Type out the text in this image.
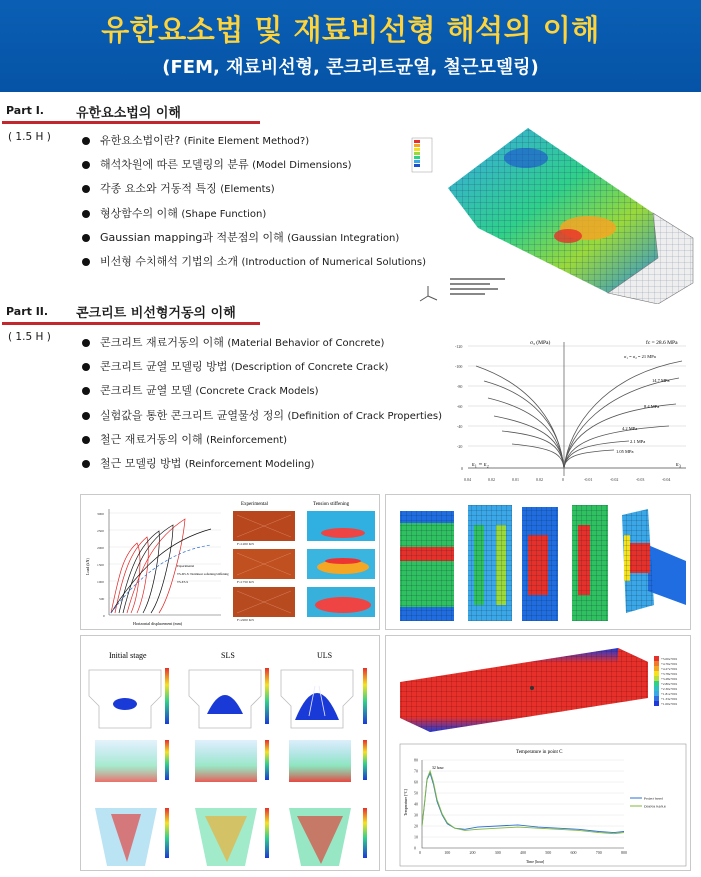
유한요소법 및 재료비선형 해석의 이해
(FEM, 재료비선형, 콘크리트균열, 철근모델링)
Part I. 유한요소법의 이해
( 1.5 H )	유한요소법이란? (Finite Element Method?)
해석차원에 따른 모델링의 분류 (Model Dimensions)
각종 요소와 거동적 특징 (Elements)
형상함수의 이해 (Shape Function)
Gaussian mapping과 적분점의 이해 (Gaussian Integration)
비선형 수치해석 기법의 소개 (Introduction of Numerical Solutions)
Part II. 콘크리트 비선형거동의 이해
( 1.5 H )	콘크리트 재료거동의 이해 (Material Behavior of Concrete)
콘크리트 균열 모델링 방법 (Description of Concrete Crack)
콘크리트 균열 모델 (Concrete Crack Models)
실험값을 통한 콘크리트 균열물성 정의 (Definition of Crack Properties)
철근 재료거동의 이해 (Reinforcement)
철근 모델링 방법 (Reinforcement Modeling)
σ₃ (MPa)	fc = 28.6 MPa
σ₁ = σ₂ = 21 MPa
14.7 MPa
8.4 MPa
4.2 MPa
2.1 MPa
1.05 MPa
ε₁ = ε₂	ε₃
-120
-100
-80
-60
-40
-20
0
0.04	0.02	0.01	0.02	0	-0.01	-0.02	-0.03	-0.04
3000
2500
2000
1500
1000
500
0
Horizontal displacement (mm)
Load (kN)	Experimental
TS-D5-S: Nonlinear softening/stiffening
TS-E5-S
Experimental	Tension stiffening
F=1200 KN
F=1750 KN
F=2200 KN
Initial stage	SLS	ULS	+5.00e+001
+4.76e+001
+4.27e+001
+3.78e+001
+3.28e+001
+2.80e+001
+2.30e+001
+1.81e+001
+1.33e+001
+1.00e+001
Temperature in point C
80
70
60
50
40
30
20
10
0
0	100	200	300	400	500	600	700	800
32 hour
Time [hour]
Temperature [°C]	Project based
DIANA 9.6/9.6
